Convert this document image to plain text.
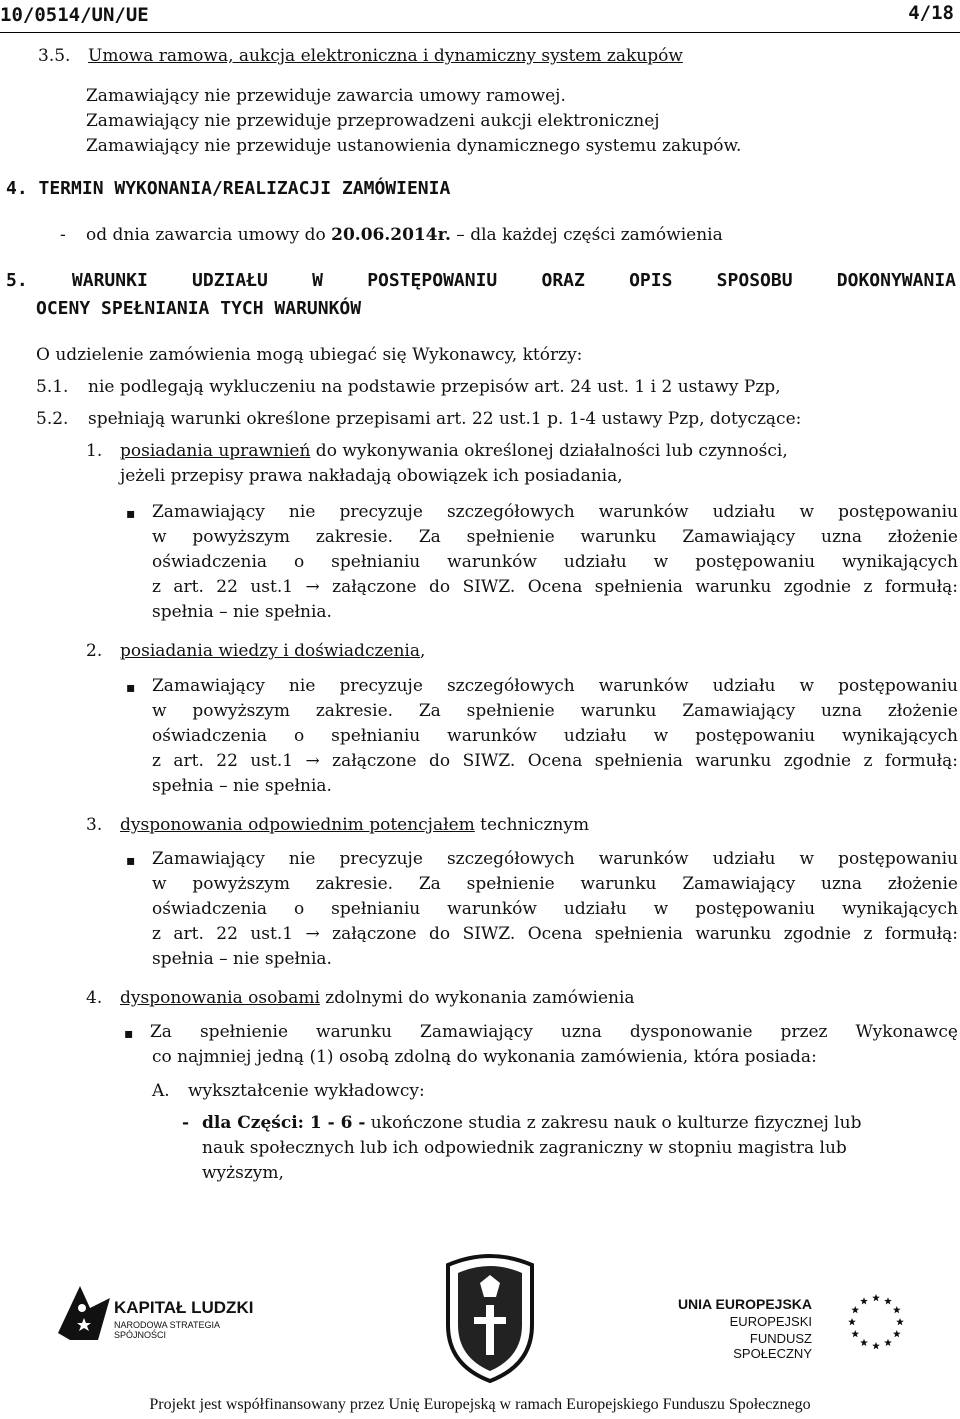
10/0514/UN/UE	4/18
3.5. Umowa ramowa, aukcja elektroniczna i dynamiczny system zakupów
Zamawiający nie przewiduje zawarcia umowy ramowej.
Zamawiający nie przewiduje przeprowadzeni aukcji elektronicznej
Zamawiający nie przewiduje ustanowienia dynamicznego systemu zakupów.
4. TERMIN WYKONANIA/REALIZACJI ZAMÓWIENIA
- od dnia zawarcia umowy do 20.06.2014r. – dla każdej części zamówienia
5. WARUNKI UDZIAŁU W POSTĘPOWANIU ORAZ OPIS SPOSOBU DOKONYWANIA
OCENY SPEŁNIANIA TYCH WARUNKÓW
O udzielenie zamówienia mogą ubiegać się Wykonawcy, którzy:
5.1. nie podlegają wykluczeniu na podstawie przepisów art. 24 ust. 1 i 2 ustawy Pzp,
5.2. spełniają warunki określone przepisami art. 22 ust.1 p. 1-4 ustawy Pzp, dotyczące:
1. posiadania uprawnień do wykonywania określonej działalności lub czynności,
jeżeli przepisy prawa nakładają obowiązek ich posiadania,
▪ Zamawiający nie precyzuje szczegółowych warunków udziału w postępowaniu
w powyższym zakresie. Za spełnienie warunku Zamawiający uzna złożenie
oświadczenia o spełnianiu warunków udziału w postępowaniu wynikających
z art. 22 ust.1 → załączone do SIWZ. Ocena spełnienia warunku zgodnie z formułą:
spełnia – nie spełnia.
2. posiadania wiedzy i doświadczenia,
▪ Zamawiający nie precyzuje szczegółowych warunków udziału w postępowaniu
w powyższym zakresie. Za spełnienie warunku Zamawiający uzna złożenie
oświadczenia o spełnianiu warunków udziału w postępowaniu wynikających
z art. 22 ust.1 → załączone do SIWZ. Ocena spełnienia warunku zgodnie z formułą:
spełnia – nie spełnia.
3. dysponowania odpowiednim potencjałem technicznym
▪ Zamawiający nie precyzuje szczegółowych warunków udziału w postępowaniu
w powyższym zakresie. Za spełnienie warunku Zamawiający uzna złożenie
oświadczenia o spełnianiu warunków udziału w postępowaniu wynikających
z art. 22 ust.1 → załączone do SIWZ. Ocena spełnienia warunku zgodnie z formułą:
spełnia – nie spełnia.
4. dysponowania osobami zdolnymi do wykonania zamówienia
▪ Za spełnienie warunku Zamawiający uzna dysponowanie przez Wykonawcę
co najmniej jedną (1) osobą zdolną do wykonania zamówienia, która posiada:
A. wykształcenie wykładowcy:
- dla Części: 1 - 6 - ukończone studia z zakresu nauk o kulturze fizycznej lub
nauk społecznych lub ich odpowiednik zagraniczny w stopniu magistra lub
wyższym,
KAPITAŁ LUDZKI
NARODOWA STRATEGIA SPÓJNOŚCI
UNIA EUROPEJSKA
EUROPEJSKI
FUNDUSZ SPOŁECZNY
Projekt jest współfinansowany przez Unię Europejską w ramach Europejskiego Funduszu Społecznego
